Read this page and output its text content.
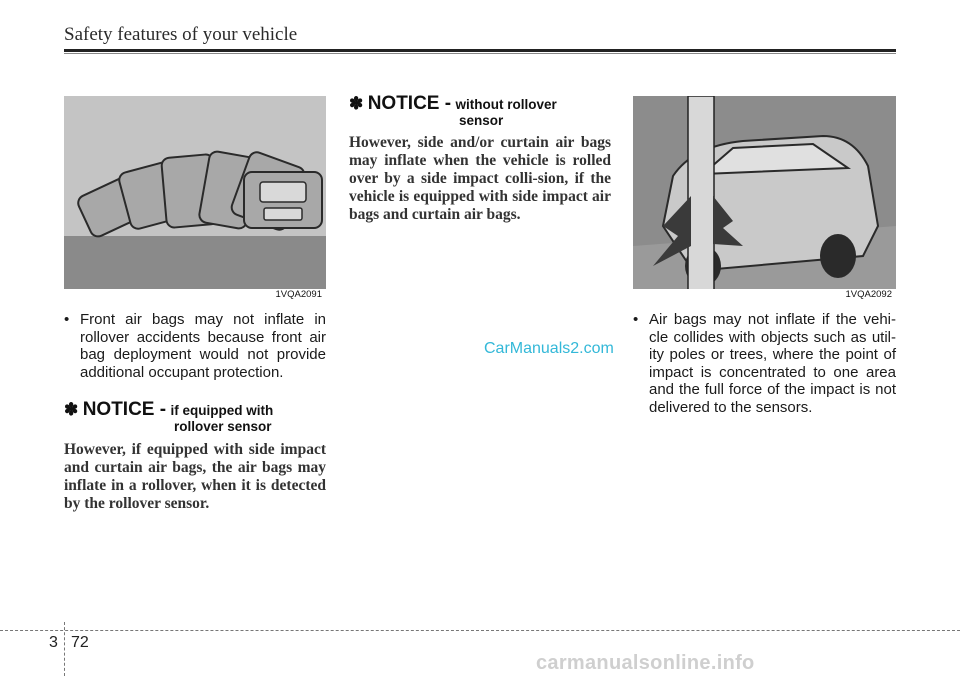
Safety features of your vehicle
1VQA2091	1VQA2092
• Front air bags may not inflate in rollover accidents because front air bag deployment would not provide additional occupant protection.
✽ NOTICE - if equipped with
rollover sensor
However, if equipped with side impact and curtain air bags, the air bags may inflate in a rollover, when it is detected by the rollover sensor.
✽ NOTICE - without rollover
sensor
However, side and/or curtain air bags may inflate when the vehicle is rolled over by a side impact colli-sion, if the vehicle is equipped with side impact air bags and curtain air bags.
CarManuals2.com
• Air bags may not inflate if the vehi-cle collides with objects such as util-ity poles or trees, where the point of impact is concentrated to one area and the full force of the impact is not delivered to the sensors.
3 72
carmanualsonline.info
